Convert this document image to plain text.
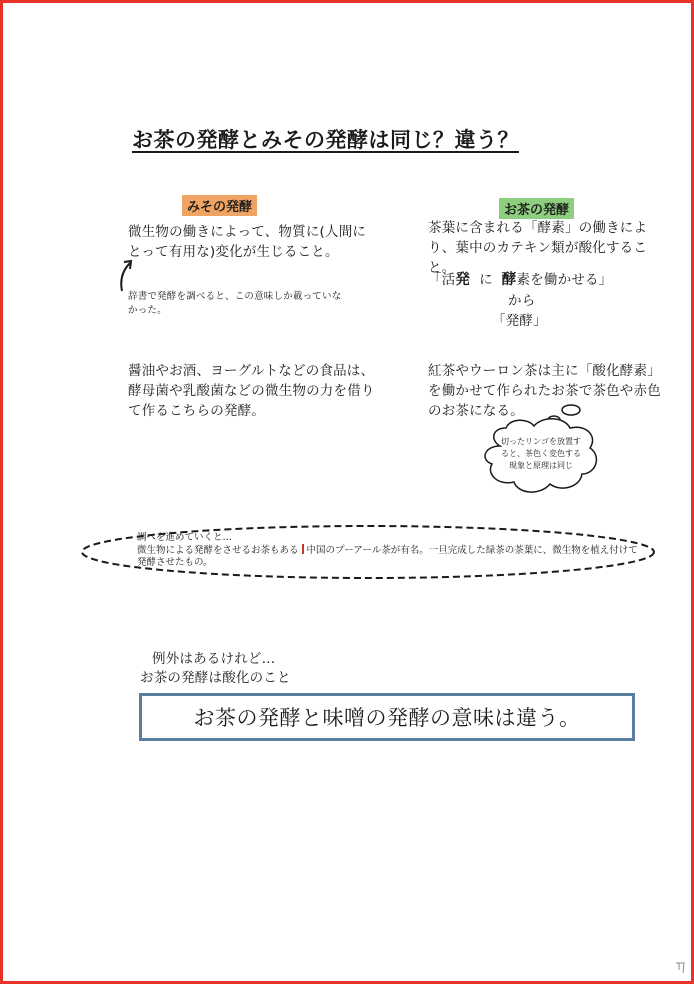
お茶の発酵とみその発酵は同じ？違う？
みその発酵

微生物の働きによって、物質に(人間にとって有用な)変化が生じること。

辞書で発酵を調べると、この意味しか載っていなかった。

醤油やお酒、ヨーグルトなどの食品は、酵母菌や乳酸菌などの微生物の力を借りて作るこちらの発酵。

お茶の発酵

茶葉に含まれる「酵素」の働きにより、葉中のカテキン類が酸化すること。

「活発 に 酵素を働かせる」

から

「発酵」

紅茶やウーロン茶は主に「酸化酵素」を働かせて作られたお茶で茶色や赤色のお茶になる。

切ったリンゴを放置すると、茶色く変色する現象と原理は同じ

調べを進めていくと…
微生物による発酵をさせるお茶もある 中国のプーアール茶が有名。一旦完成した緑茶の茶葉に、微生物を植え付けて
発酵させたもの。
例外はあるけれど…
お茶の発酵は酸化のこと
お茶の発酵と味噌の発酵の意味は違う。
